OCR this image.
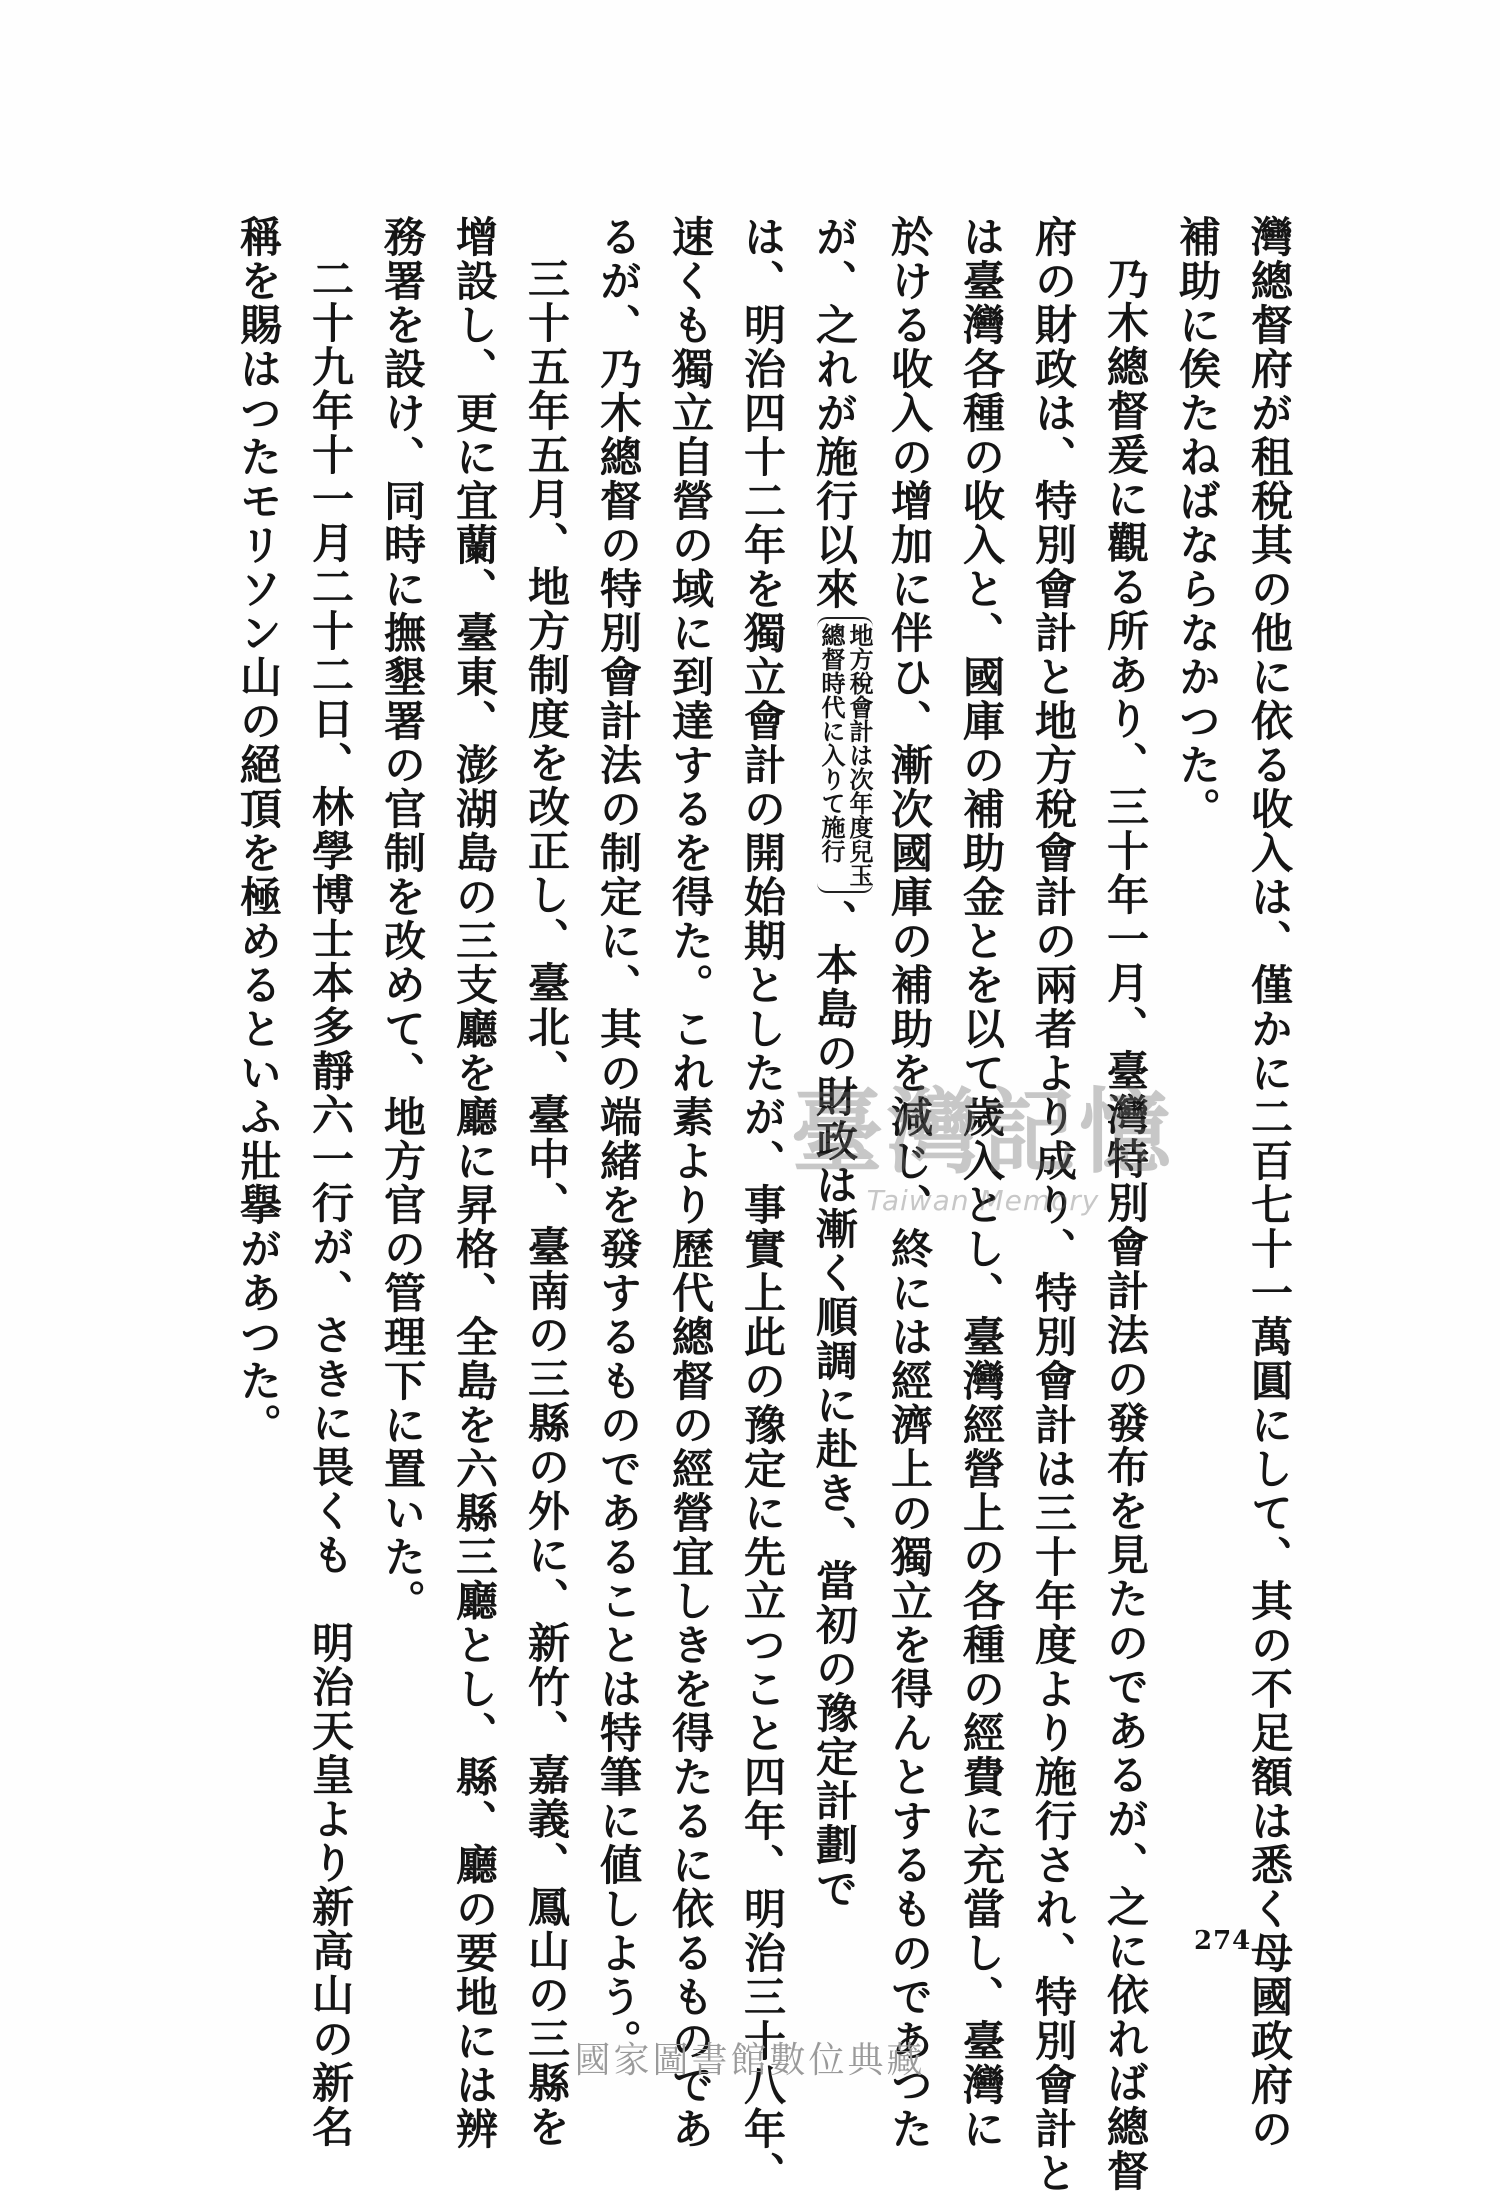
灣總督府が租稅其の他に依る收入は、僅かに二百七十一萬圓にして、其の不足額は悉く母國政府の
補助に俟たねばならなかつた。
乃木總督爰に觀る所あり、三十年一月、臺灣特別會計法の發布を見たのであるが、之に依れば總督
府の財政は、特別會計と地方稅會計の兩者より成り、特別會計は三十年度より施行され、特別會計と
は臺灣各種の收入と、國庫の補助金とを以て歲入とし、臺灣經營上の各種の經費に充當し、臺灣に
於ける收入の增加に伴ひ、漸次國庫の補助を減じ、終には經濟上の獨立を得んとするものであつた
が、之れが施行以來
地方稅會計は次年度兒玉
總督時代に入りて施行
、本島の財政は漸く順調に赴き、當初の豫定計劃で
は、明治四十二年を獨立會計の開始期としたが、事實上此の豫定に先立つこと四年、明治三十八年、
速くも獨立自營の域に到達するを得た。これ素より歷代總督の經營宜しきを得たるに依るものであ
るが、乃木總督の特別會計法の制定に、其の端緒を發するものであることは特筆に値しよう。
三十五年五月、地方制度を改正し、臺北、臺中、臺南の三縣の外に、新竹、嘉義、鳳山の三縣を
增設し、更に宜蘭、臺東、澎湖島の三支廳を廳に昇格、全島を六縣三廳とし、縣、廳の要地には辨
務署を設け、同時に撫墾署の官制を改めて、地方官の管理下に置いた。
二十九年十一月二十二日、林學博士本多靜六一行が、さきに畏くも　明治天皇より新高山の新名
稱を賜はつたモリソン山の絕頂を極めるといふ壯擧があつた。	臺灣記憶
Taiwan Memory
274
國家圖書館數位典藏
